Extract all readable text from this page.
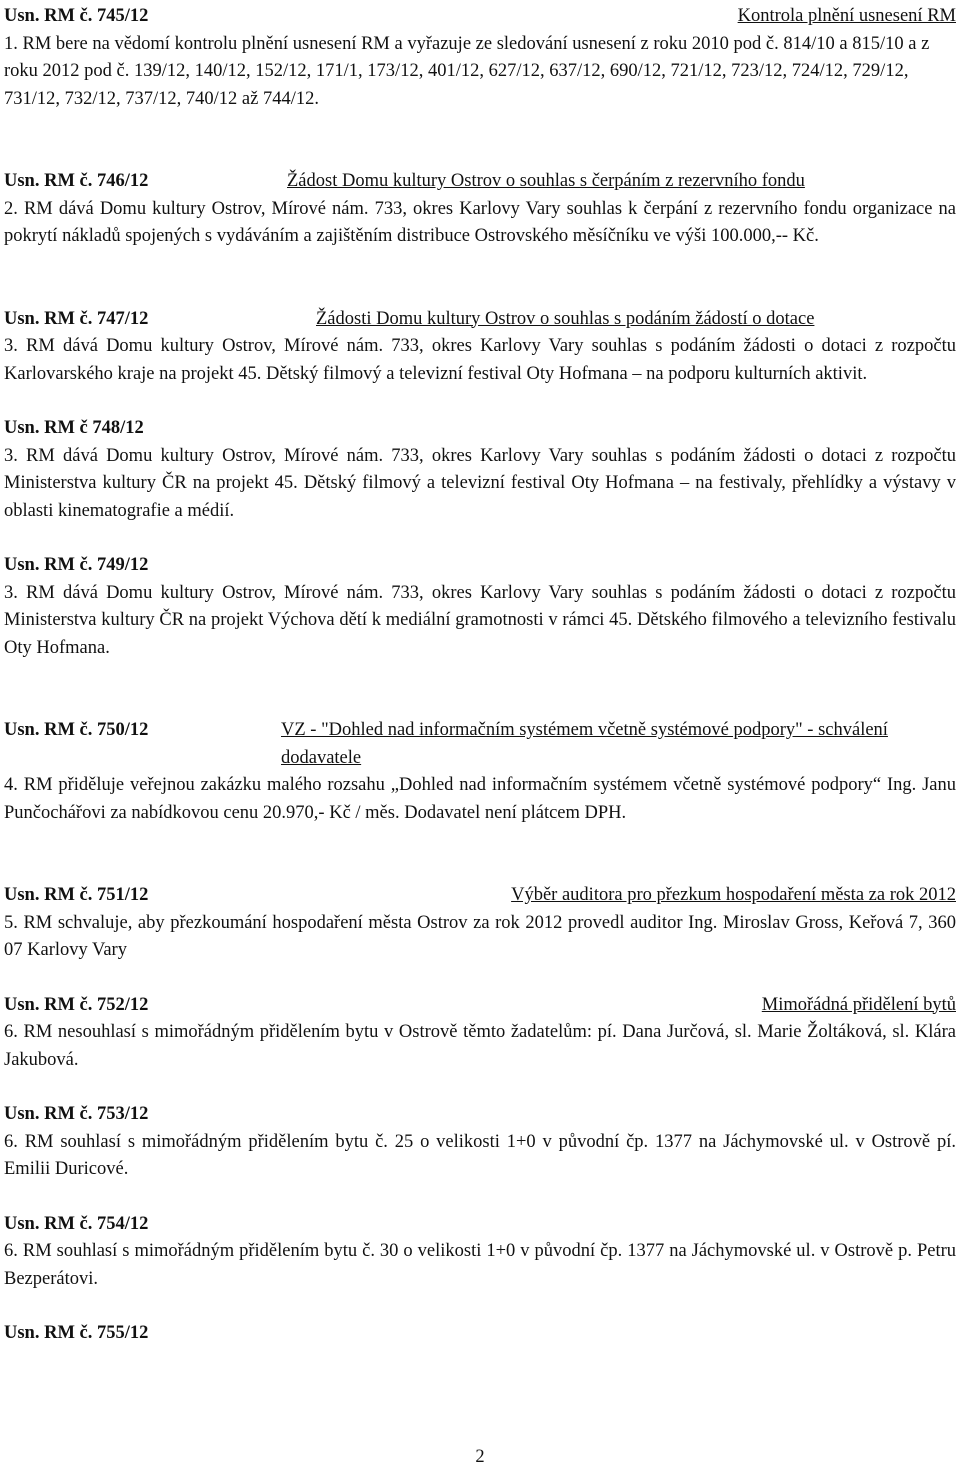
Usn. RM č. 745/12	Kontrola plnění usnesení RM
1. RM bere na vědomí kontrolu plnění usnesení RM a vyřazuje ze sledování usnesení z roku 2010 pod č. 814/10 a 815/10 a z roku 2012 pod č. 139/12, 140/12, 152/12, 171/1, 173/12, 401/12, 627/12, 637/12, 690/12, 721/12, 723/12, 724/12, 729/12, 731/12, 732/12, 737/12, 740/12 až 744/12.
Usn. RM č. 746/12	Žádost Domu kultury Ostrov o souhlas s čerpáním z rezervního fondu
2. RM dává Domu kultury Ostrov, Mírové nám. 733, okres Karlovy Vary souhlas k čerpání z rezervního fondu organizace na pokrytí nákladů spojených s vydáváním a zajištěním distribuce Ostrovského měsíčníku ve výši 100.000,-- Kč.
Usn. RM č. 747/12	Žádosti Domu kultury Ostrov o souhlas s podáním žádostí o dotace
3. RM dává Domu kultury Ostrov, Mírové nám. 733, okres Karlovy Vary souhlas s podáním žádosti o dotaci z rozpočtu Karlovarského kraje na projekt 45. Dětský filmový a televizní festival Oty Hofmana – na podporu kulturních aktivit.
Usn. RM č 748/12
3. RM dává Domu kultury Ostrov, Mírové nám. 733, okres Karlovy Vary souhlas s podáním žádosti o dotaci z rozpočtu Ministerstva kultury ČR na projekt 45. Dětský filmový a televizní festival Oty Hofmana – na festivaly, přehlídky a výstavy v oblasti kinematografie a médií.
Usn. RM č. 749/12
3. RM dává Domu kultury Ostrov, Mírové nám. 733, okres Karlovy Vary souhlas s podáním žádosti o dotaci z rozpočtu Ministerstva kultury ČR na projekt Výchova dětí k mediální gramotnosti v rámci 45. Dětského filmového a televizního festivalu Oty Hofmana.
Usn. RM č. 750/12	VZ - "Dohled nad informačním systémem včetně systémové podpory" - schválení dodavatele
4. RM přiděluje veřejnou zakázku malého rozsahu „Dohled nad informačním systémem včetně systémové podpory“ Ing. Janu Punčochářovi za nabídkovou cenu 20.970,- Kč / měs. Dodavatel není plátcem DPH.
Usn. RM č. 751/12	Výběr auditora pro přezkum hospodaření města za rok 2012
5. RM schvaluje, aby přezkoumání hospodaření města Ostrov za rok 2012 provedl auditor Ing. Miroslav Gross, Keřová 7, 360 07 Karlovy Vary
Usn. RM č. 752/12	Mimořádná přidělení bytů
6. RM nesouhlasí s mimořádným přidělením bytu v Ostrově těmto žadatelům: pí. Dana Jurčová, sl. Marie Žoltáková, sl. Klára Jakubová.
Usn. RM č. 753/12
6. RM souhlasí s mimořádným přidělením bytu č. 25 o velikosti 1+0 v původní čp. 1377 na Jáchymovské ul. v Ostrově pí. Emilii Duricové.
Usn. RM č. 754/12
6. RM souhlasí s mimořádným přidělením bytu č. 30 o velikosti 1+0 v původní čp. 1377 na Jáchymovské ul. v Ostrově p. Petru Bezperátovi.
Usn. RM č. 755/12
2
